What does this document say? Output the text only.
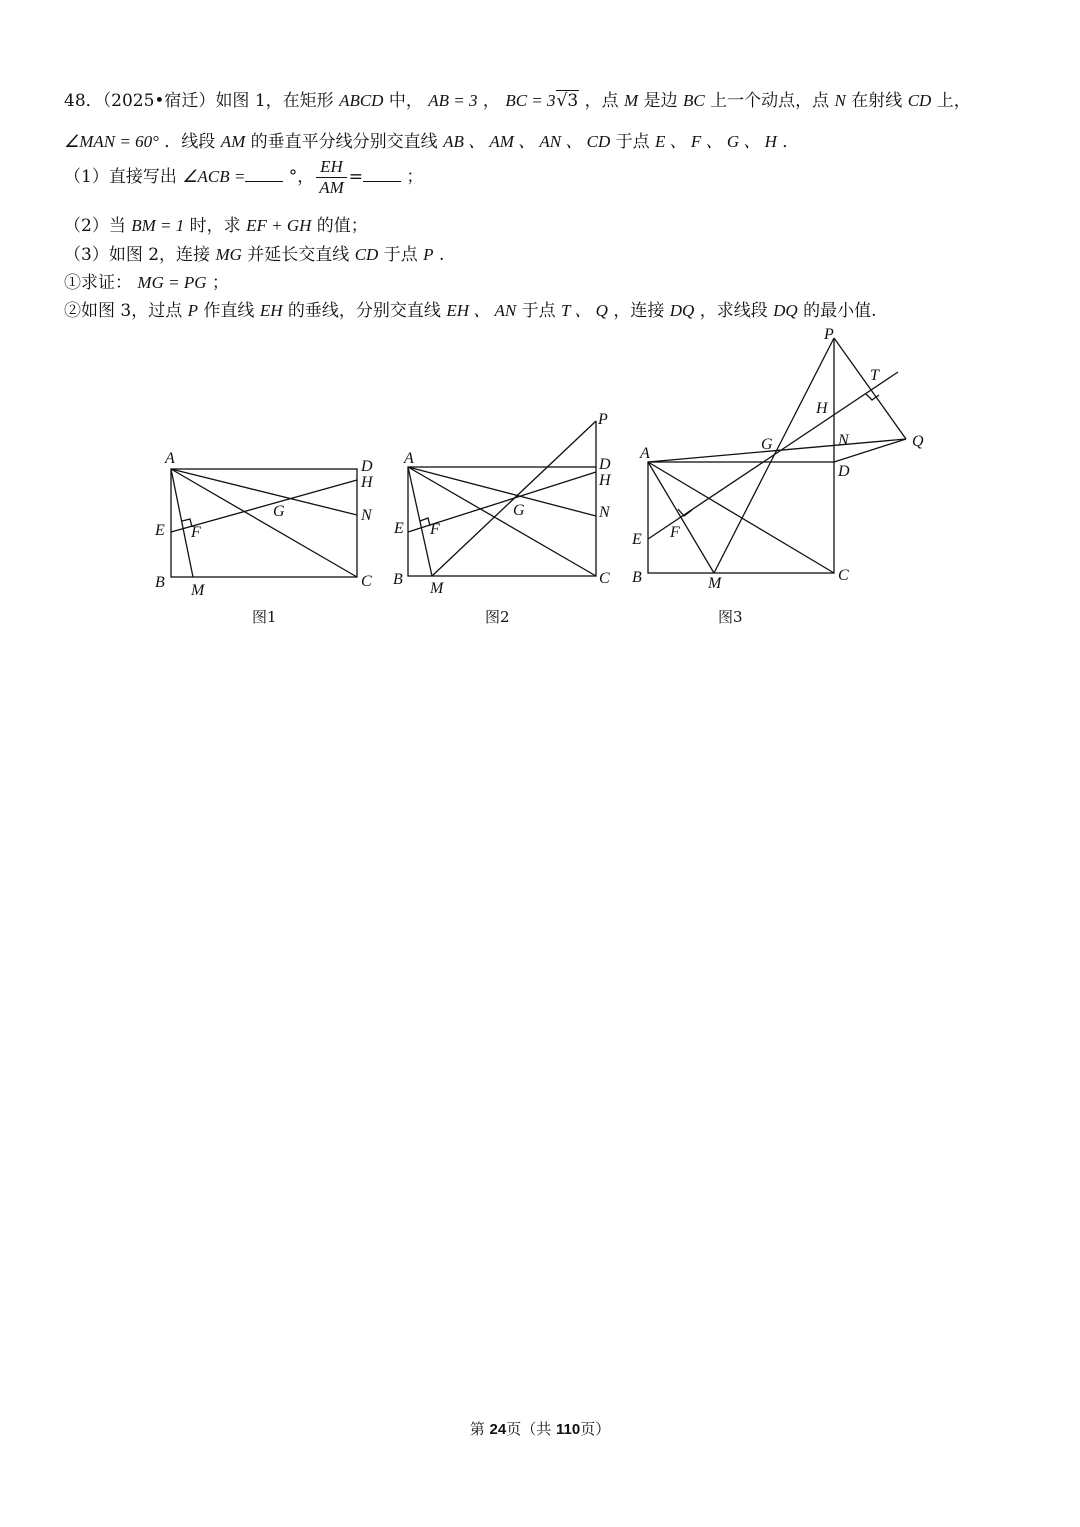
48．（2025•宿迁）如图 1，在矩形 ABCD 中， AB = 3 ， BC = 3√3 ，点 M 是边 BC 上一个动点，点 N 在射线 CD 上，
∠MAN = 60° ．线段 AM 的垂直平分线分别交直线 AB 、 AM 、 AN 、 CD 于点 E 、 F 、 G 、 H ．
（1）直接写出 ∠ACB = °， $\frac{EH}{AM}$ = ；
（2）当 BM = 1 时，求 EF + GH 的值；
（3）如图 2，连接 MG 并延长交直线 CD 于点 P .
①求证： MG = PG ；
②如图 3，过点 P 作直线 EH 的垂线，分别交直线 EH 、 AN 于点 T 、 Q ，连接 DQ ，求线段 DQ 的最小值.
A
B	C
D
H
N
E F
G
M
图1
A
B	C
D
H
N
P
E F
G
M
图2
A
B	C
D
H
N
P
Q
T
E F
G
M
图3
第 24页（共 110页）
